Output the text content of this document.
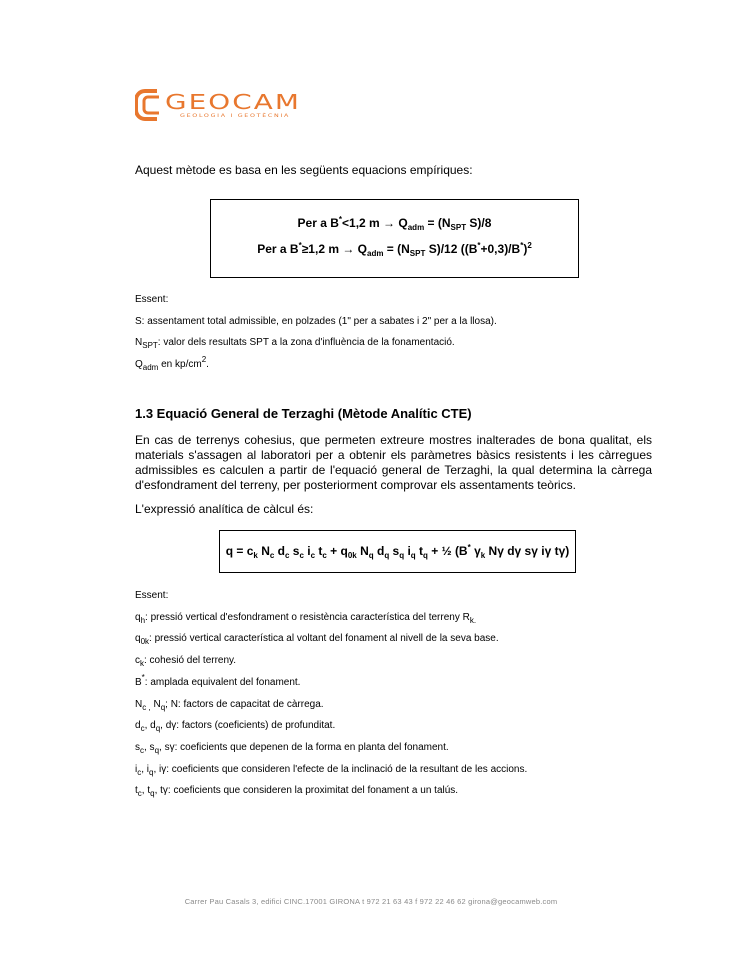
GEOCAM
GEOLOGIA I GEOTÈCNIA
Aquest mètode es basa en les següents equacions empíriques:
Per a B*<1,2 $m \to Q_{adm} = (N_{SPT}$ S)/8
Per a B*≥1,2 $m \to Q_{adm} = (N_{SPT}$ S)/12 $((B^*+0,3)/B^*)^2$
Essent:
S: assentament total admissible, en polzades (1" per a sabates i 2" per a la llosa).
$N_{SPT}$: valor dels resultats SPT a la zona d'influència de la fonamentació.
$Q_{adm}$ en $kp/cm^2$.
1.3 Equació General de Terzaghi (Mètode Analític CTE)
En cas de terrenys cohesius, que permeten extreure mostres inalterades de bona qualitat, els materials s'assagen al laboratori per a obtenir els paràmetres bàsics resistents i les càrregues admissibles es calculen a partir de l'equació general de Terzaghi, la qual determina la càrrega d'esfondrament del terreny, per posteriorment comprovar els assentaments teòrics.
L'expressió analítica de càlcul és:
$q = c_k$ $N_c$ $d_c$ $s_c$ $i_c$ $t_c + q_{0k}$ $N_q$ $d_q$ $s_q$ $i_q$ $t_q$ + ½ (B* $\gamma_k$ Nγ dγ sγ iγ tγ)
Essent:
$q_h$: pressió vertical d'esfondrament o resistència característica del terreny $R_{k.}$
$q_{0k}$: pressió vertical característica al voltant del fonament al nivell de la seva base.
$c_k$: cohesió del terreny.
B*: amplada equivalent del fonament.
$N_{c ,}$ $N_q$; N: factors de capacitat de càrrega.
$d_c$, $d_q$, dγ: factors (coeficients) de profunditat.
$s_c$, $s_q$, sγ: coeficients que depenen de la forma en planta del fonament.
$i_c$, $i_q$, iγ: coeficients que consideren l'efecte de la inclinació de la resultant de les accions.
$t_c$, $t_q$, tγ: coeficients que consideren la proximitat del fonament a un talús.
Carrer Pau Casals 3, edifici CINC.17001 GIRONA t 972 21 63 43 f 972 22 46 62 girona@geocamweb.com
